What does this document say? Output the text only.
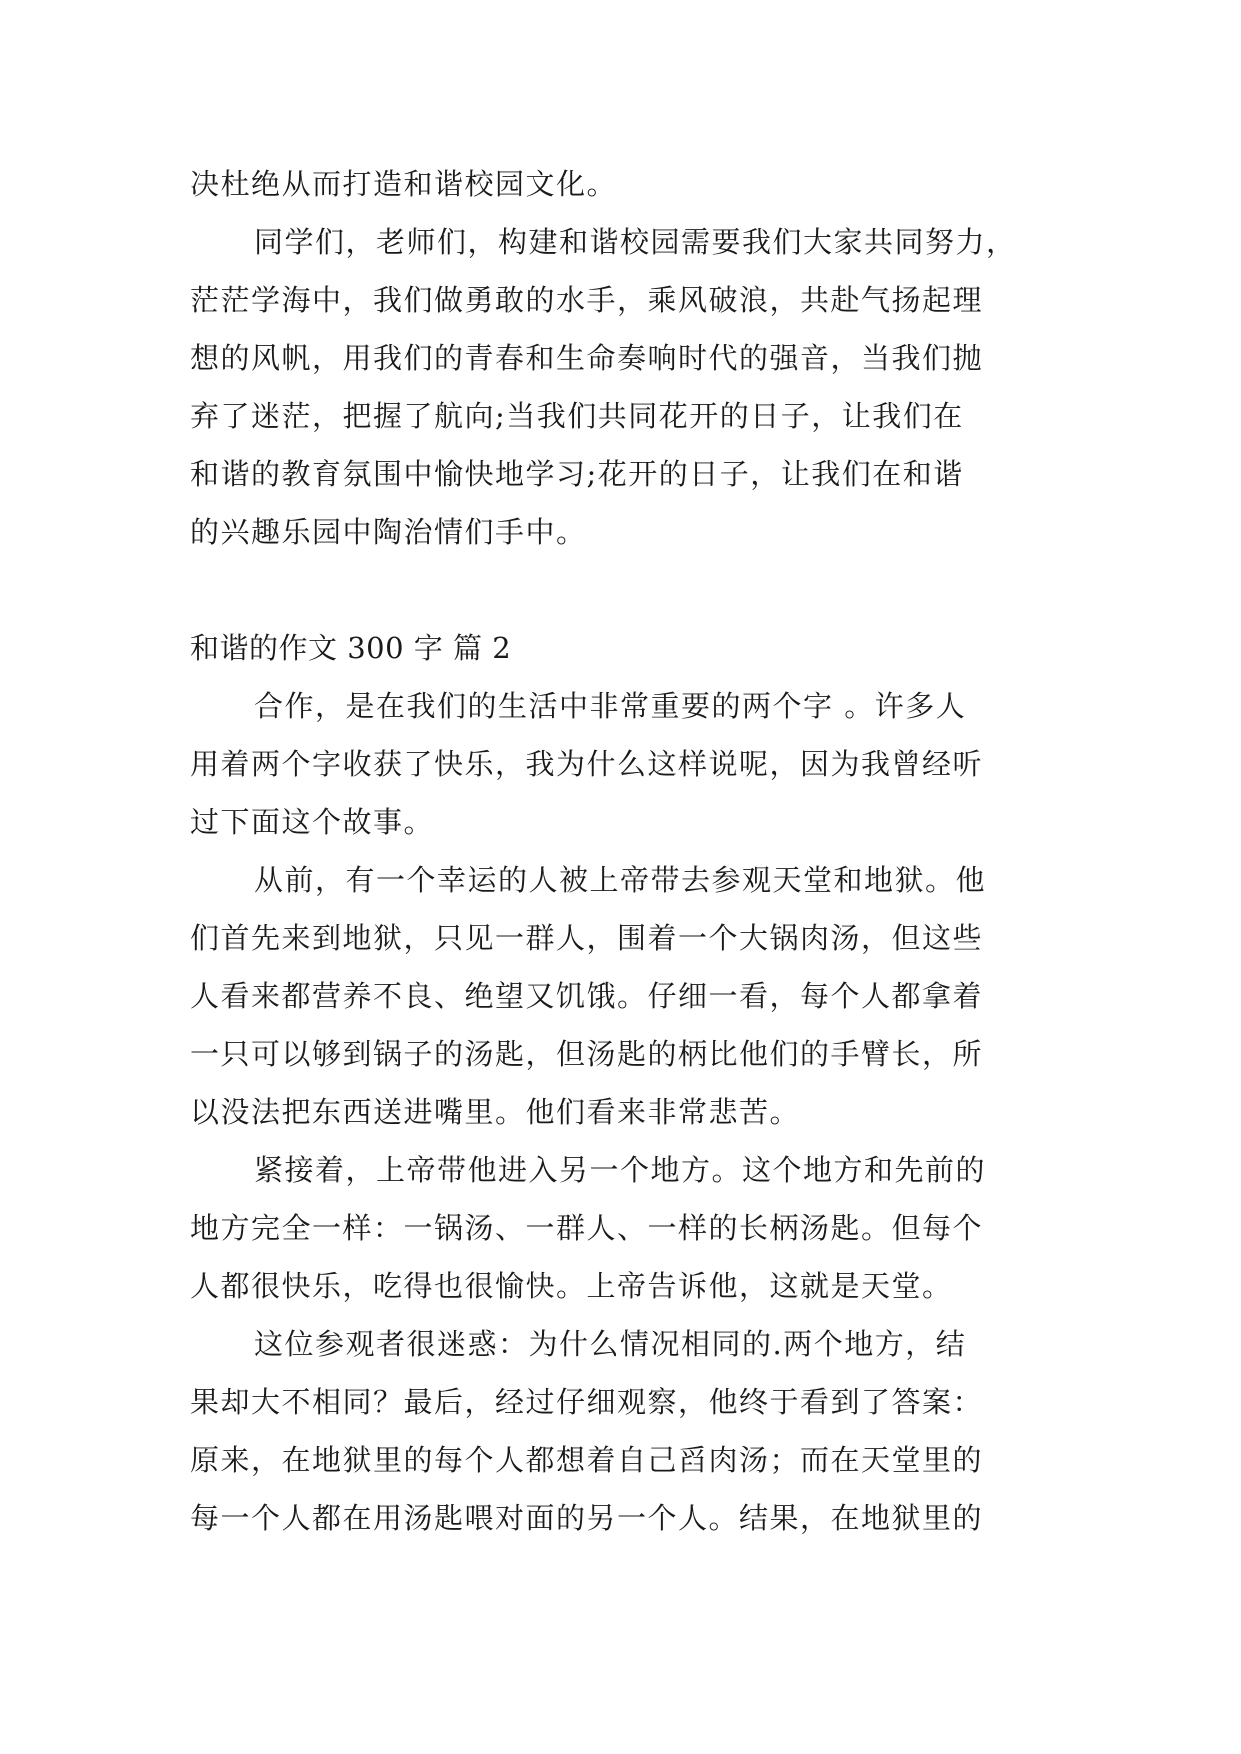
决杜绝从而打造和谐校园文化。
同学们，老师们，构建和谐校园需要我们大家共同努力，
茫茫学海中，我们做勇敢的水手，乘风破浪，共赴气扬起理
想的风帆，用我们的青春和生命奏响时代的强音，当我们抛
弃了迷茫，把握了航向;当我们共同花开的日子，让我们在
和谐的教育氛围中愉快地学习;花开的日子，让我们在和谐
的兴趣乐园中陶治情们手中。
和谐的作文 300 字 篇 2
合作，是在我们的生活中非常重要的两个字 。许多人
用着两个字收获了快乐，我为什么这样说呢，因为我曾经听
过下面这个故事。
从前，有一个幸运的人被上帝带去参观天堂和地狱。他
们首先来到地狱，只见一群人，围着一个大锅肉汤，但这些
人看来都营养不良、绝望又饥饿。仔细一看，每个人都拿着
一只可以够到锅子的汤匙，但汤匙的柄比他们的手臂长，所
以没法把东西送进嘴里。他们看来非常悲苦。
紧接着，上帝带他进入另一个地方。这个地方和先前的
地方完全一样：一锅汤、一群人、一样的长柄汤匙。但每个
人都很快乐，吃得也很愉快。上帝告诉他，这就是天堂。
这位参观者很迷惑：为什么情况相同的.两个地方，结
果却大不相同？最后，经过仔细观察，他终于看到了答案：
原来，在地狱里的每个人都想着自己舀肉汤；而在天堂里的
每一个人都在用汤匙喂对面的另一个人。结果，在地狱里的
